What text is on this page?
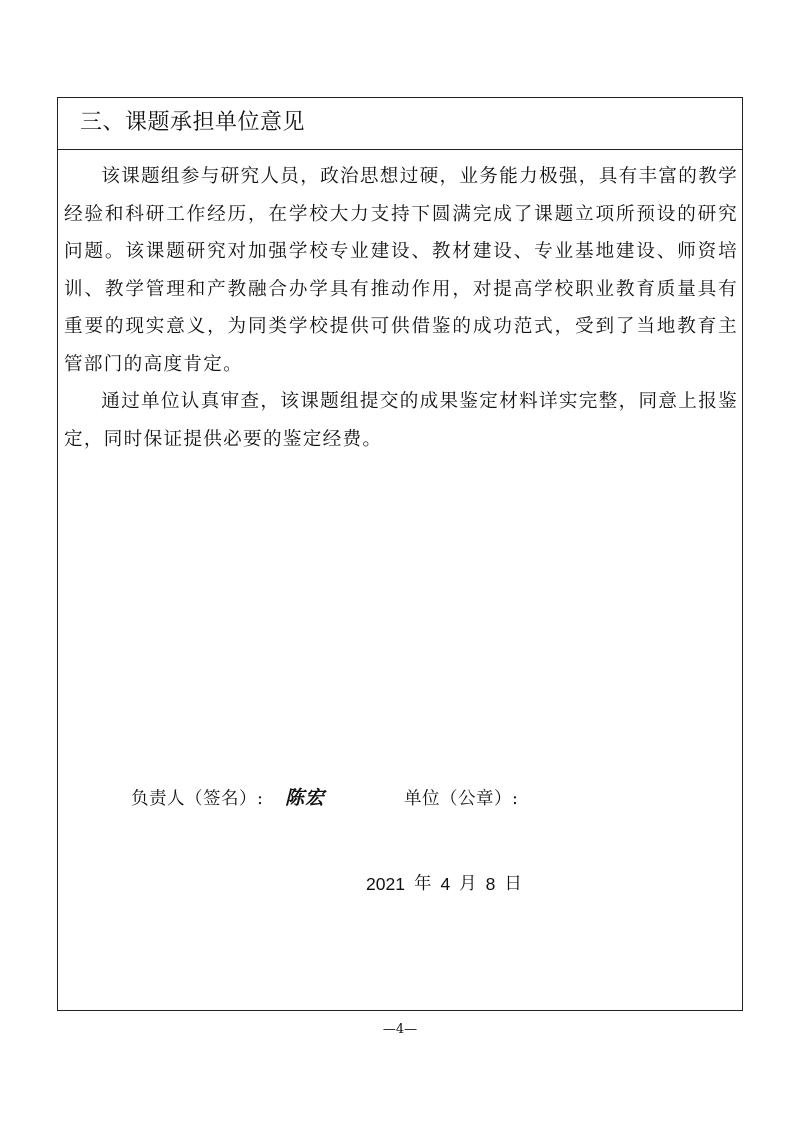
三、课题承担单位意见

该课题组参与研究人员，政治思想过硬，业务能力极强，具有丰富的教学经验和科研工作经历，在学校大力支持下圆满完成了课题立项所预设的研究问题。该课题研究对加强学校专业建设、教材建设、专业基地建设、师资培训、教学管理和产教融合办学具有推动作用，对提高学校职业教育质量具有重要的现实意义，为同类学校提供可供借鉴的成功范式，受到了当地教育主管部门的高度肯定。

通过单位认真审查，该课题组提交的成果鉴定材料详实完整，同意上报鉴定，同时保证提供必要的鉴定经费。

负责人（签名）: 陈宏	单位（公章）:
2021 年 4 月 8 日
—4—
